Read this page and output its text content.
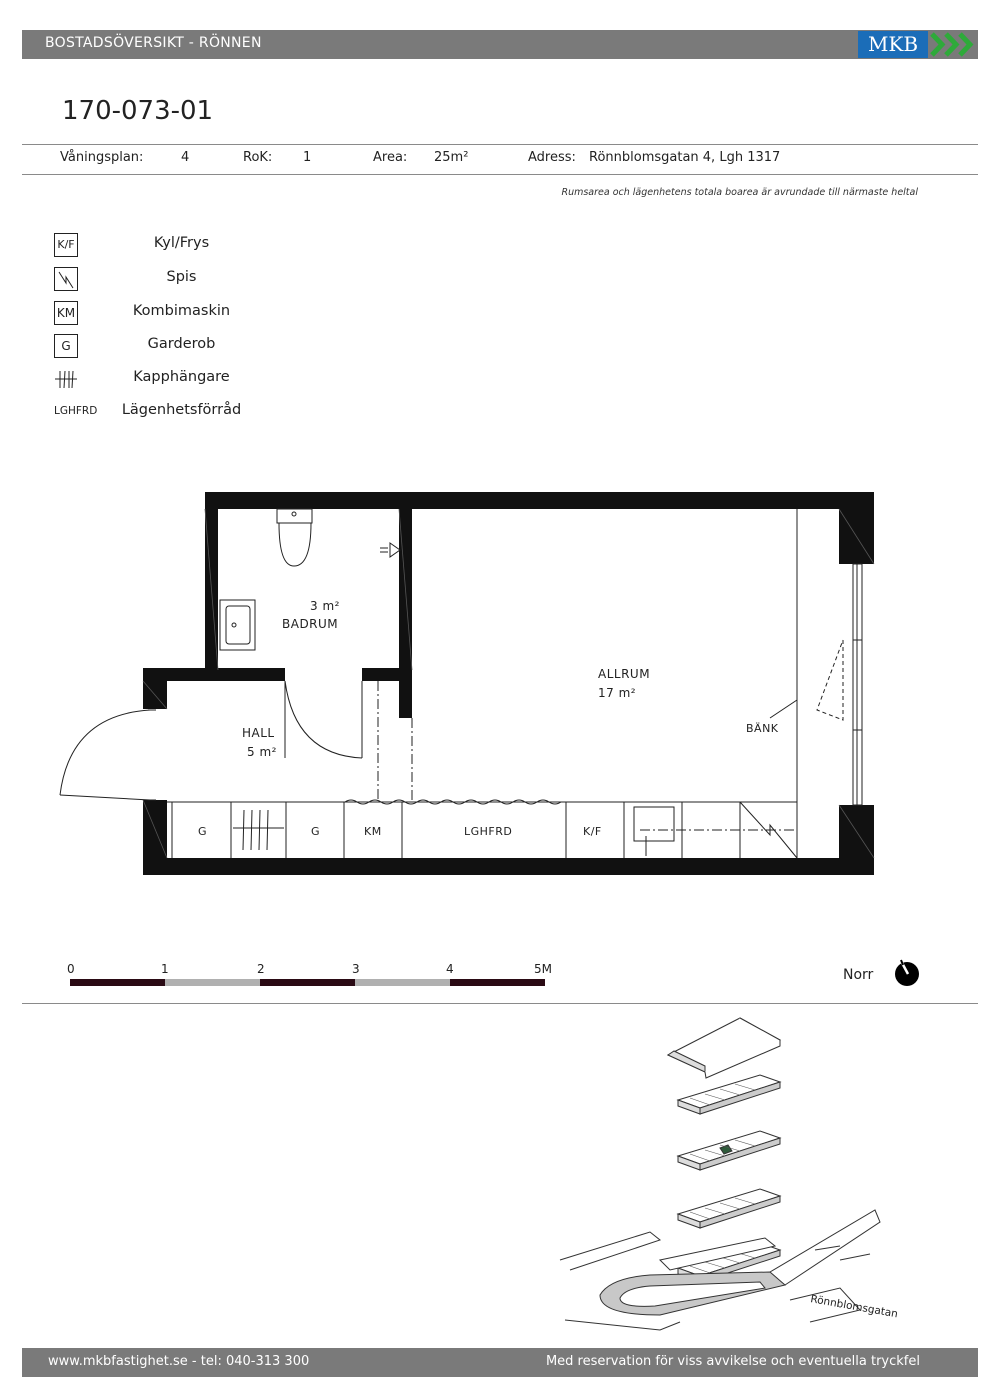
BOSTADSÖVERSIKT - RÖNNEN	MKB
170-073-01
Våningsplan:	4	RoK: 1	Area: 25m²	Adress: Rönnblomsgatan 4, Lgh 1317
Rumsarea och lägenhetens totala boarea är avrundade till närmaste heltal
K/F	Kyl/Frys
Spis
KM	Kombimaskin
G	Garderob
Kapphängare
LGHFRD	Lägenhetsförråd
3 m²
BADRUM
HALL
5 m²
ALLRUM
17 m²
BÄNK
G	G	KM	LGHFRD	K/F
0	1	2	3	4	5M	Norr
Rönnblomsgatan
www.mkbfastighet.se - tel: 040-313 300	Med reservation för viss avvikelse och eventuella tryckfel
